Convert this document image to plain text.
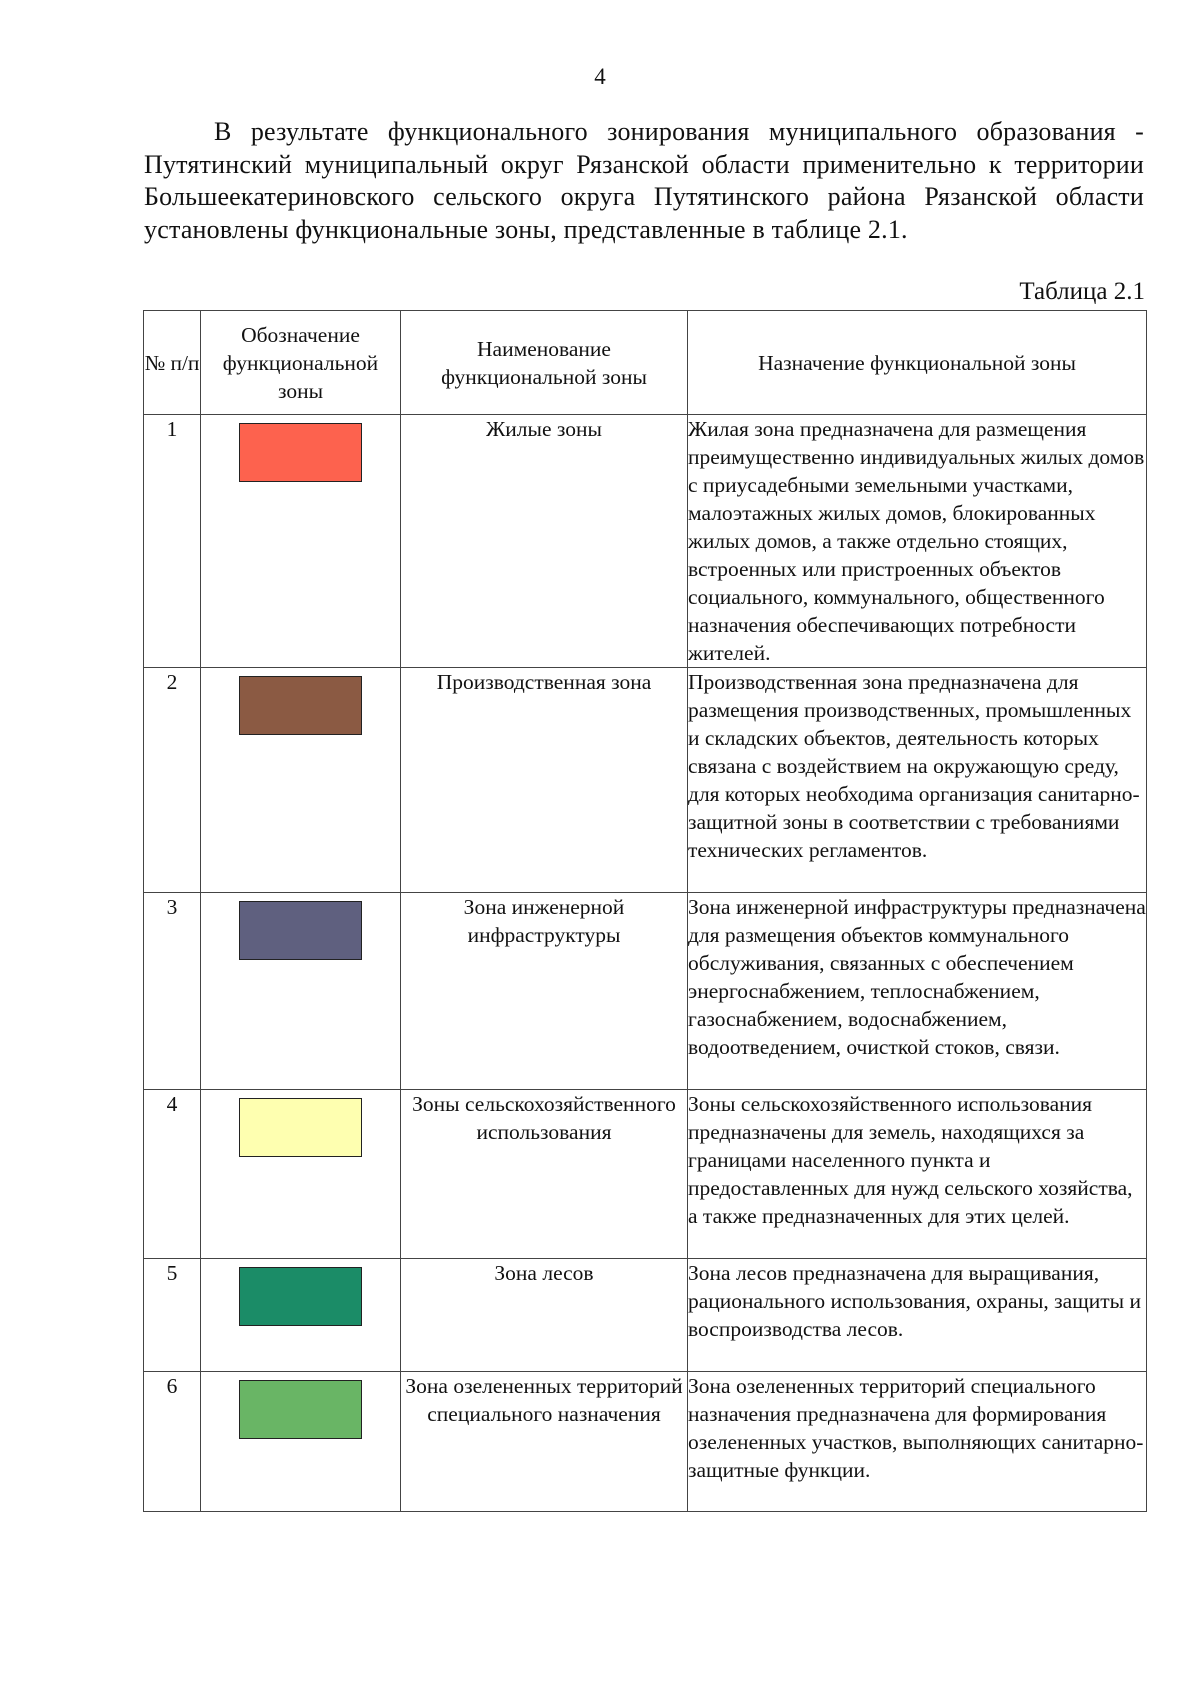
4

В результате функционального зонирования муниципального образования - Путятинский муниципальный округ Рязанской области применительно к территории Большеекатериновского сельского округа Путятинского района Рязанской области установлены функциональные зоны, представленные в таблице 2.1.

Таблица 2.1
№ п/п	Обозначение функциональной зоны	Наименование функциональной зоны	Назначение функциональной зоны
1		Жилые зоны	Жилая зона предназначена для размещения преимущественно индивидуальных жилых домов с приусадебными земельными участками, малоэтажных жилых домов, блокированных жилых домов, а также отдельно стоящих, встроенных или пристроенных объектов социального, коммунального, общественного назначения обеспечивающих потребности жителей.
2		Производственная зона	Производственная зона предназначена для размещения производственных, промышленных и складских объектов, деятельность которых связана с воздействием на окружающую среду, для которых необходима организация санитарно-защитной зоны в соответствии с требованиями технических регламентов.
3		Зона инженерной инфраструктуры	Зона инженерной инфраструктуры предназначена для размещения объектов коммунального обслуживания, связанных с обеспечением энергоснабжением, теплоснабжением, газоснабжением, водоснабжением, водоотведением, очисткой стоков, связи.
4		Зоны сельскохозяйственного использования	Зоны сельскохозяйственного использования предназначены для земель, находящихся за границами населенного пункта и предоставленных для нужд сельского хозяйства, а также предназначенных для этих целей.
5		Зона лесов	Зона лесов предназначена для выращивания, рационального использования, охраны, защиты и воспроизводства лесов.
6		Зона озелененных территорий специального назначения	Зона озелененных территорий специального назначения предназначена для формирования озелененных участков, выполняющих санитарно-защитные функции.
